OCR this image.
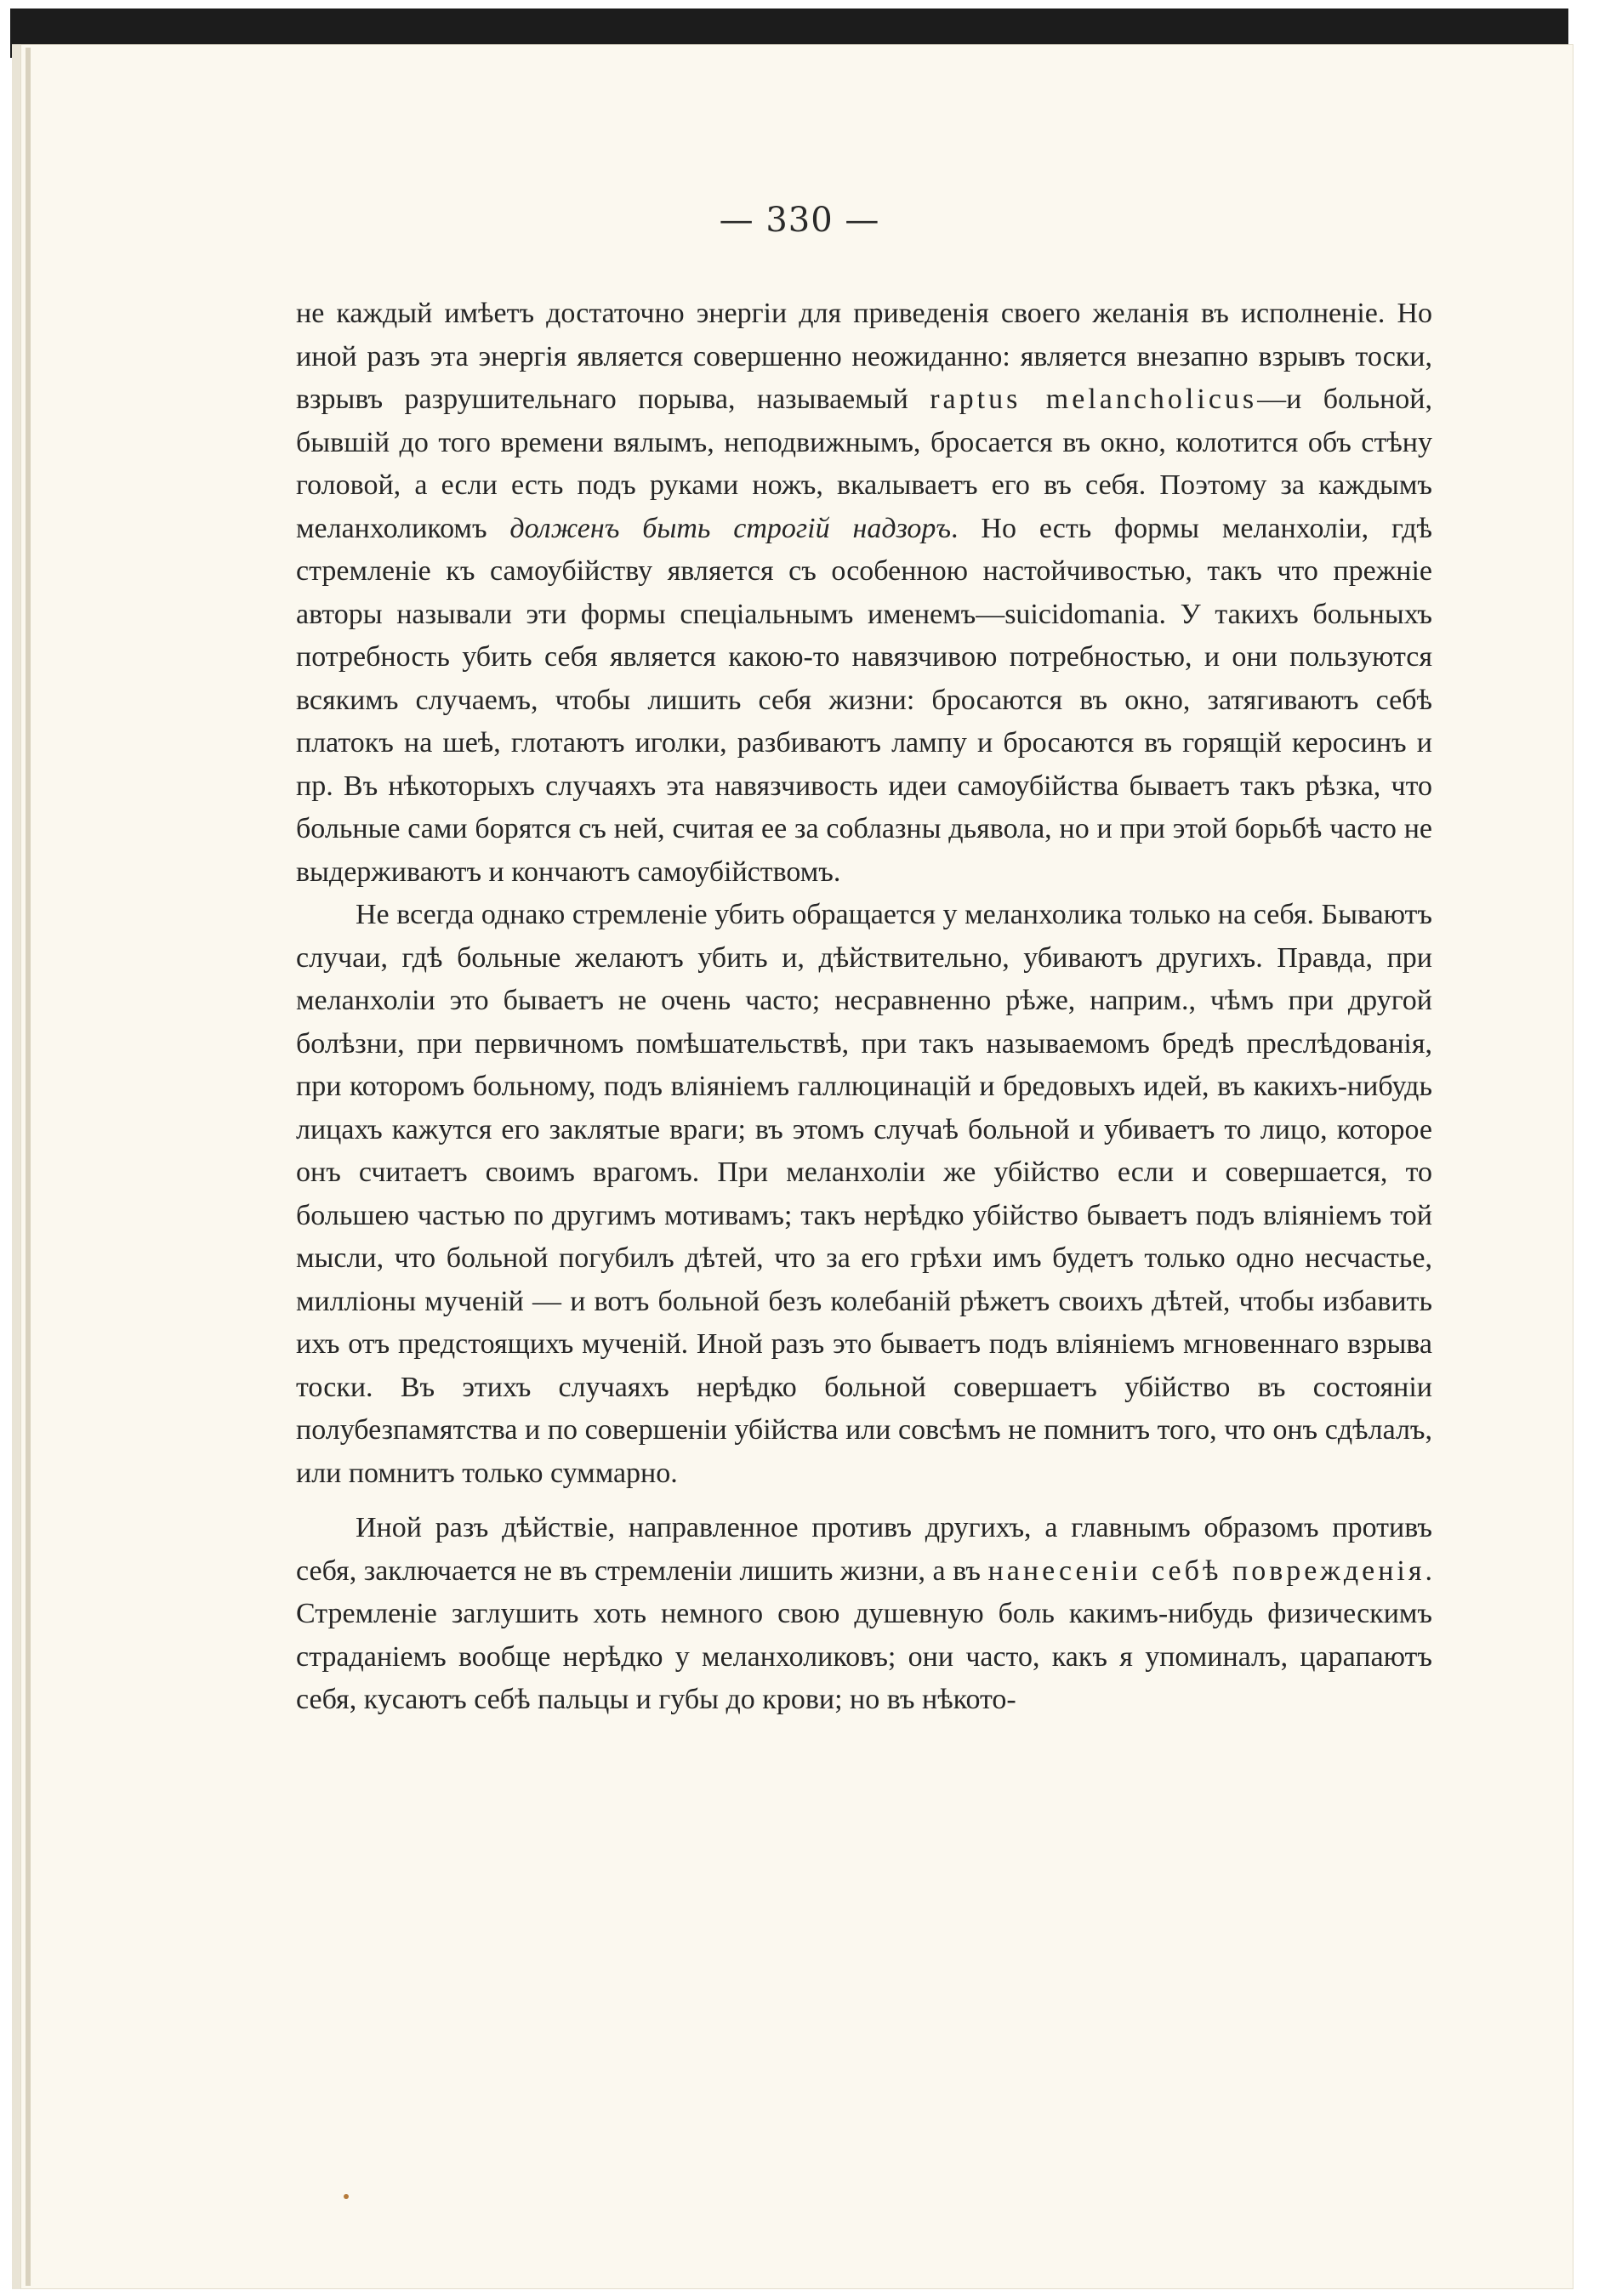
— 330 —

не каждый имѣетъ достаточно энергіи для приведенія своего желанія въ исполненіе. Но иной разъ эта энергія является совершенно неожиданно: является внезапно взрывъ тоски, взрывъ разрушительнаго порыва, называемый raptus melancholicus—и больной, бывшій до того времени вялымъ, неподвижнымъ, бросается въ окно, колотится объ стѣну головой, а если есть подъ руками ножъ, вкалываетъ его въ себя. Поэтому за каждымъ меланхоликомъ долженъ быть строгій надзоръ. Но есть формы меланхоліи, гдѣ стремленіе къ самоубійству является съ особенною настойчивостью, такъ что прежніе авторы называли эти формы спеціальнымъ именемъ—suicidomania. У такихъ больныхъ потребность убить себя является какою-то навязчивою потребностью, и они пользуются всякимъ случаемъ, чтобы лишить себя жизни: бросаются въ окно, затягиваютъ себѣ платокъ на шеѣ, глотаютъ иголки, разбиваютъ лампу и бросаются въ горящій керосинъ и пр. Въ нѣкоторыхъ случаяхъ эта навязчивость идеи самоубійства бываетъ такъ рѣзка, что больные сами борятся съ ней, считая ее за соблазны дьявола, но и при этой борьбѣ часто не выдерживаютъ и кончаютъ самоубійствомъ.

Не всегда однако стремленіе убить обращается у меланхолика только на себя. Бываютъ случаи, гдѣ больные желаютъ убить и, дѣйствительно, убиваютъ другихъ. Правда, при меланхоліи это бываетъ не очень часто; несравненно рѣже, наприм., чѣмъ при другой болѣзни, при первичномъ помѣшательствѣ, при такъ называемомъ бредѣ преслѣдованія, при которомъ больному, подъ вліяніемъ галлюцинацій и бредовыхъ идей, въ какихъ-нибудь лицахъ кажутся его заклятые враги; въ этомъ случаѣ больной и убиваетъ то лицо, которое онъ считаетъ своимъ врагомъ. При меланхоліи же убійство если и совершается, то большею частью по другимъ мотивамъ; такъ нерѣдко убійство бываетъ подъ вліяніемъ той мысли, что больной погубилъ дѣтей, что за его грѣхи имъ будетъ только одно несчастье, милліоны мученій — и вотъ больной безъ колебаній рѣжетъ своихъ дѣтей, чтобы избавить ихъ отъ предстоящихъ мученій. Иной разъ это бываетъ подъ вліяніемъ мгновеннаго взрыва тоски. Въ этихъ случаяхъ нерѣдко больной совершаетъ убійство въ состояніи полубезпамятства и по совершеніи убійства или совсѣмъ не помнитъ того, что онъ сдѣлалъ, или помнитъ только суммарно.

Иной разъ дѣйствіе, направленное противъ другихъ, а главнымъ образомъ противъ себя, заключается не въ стремленіи лишить жизни, а въ нанесеніи себѣ поврежденія. Стремленіе заглушить хоть немного свою душевную боль какимъ-нибудь физическимъ страданіемъ вообще нерѣдко у меланхоликовъ; они часто, какъ я упоминалъ, царапаютъ себя, кусаютъ себѣ пальцы и губы до крови; но въ нѣкото-
